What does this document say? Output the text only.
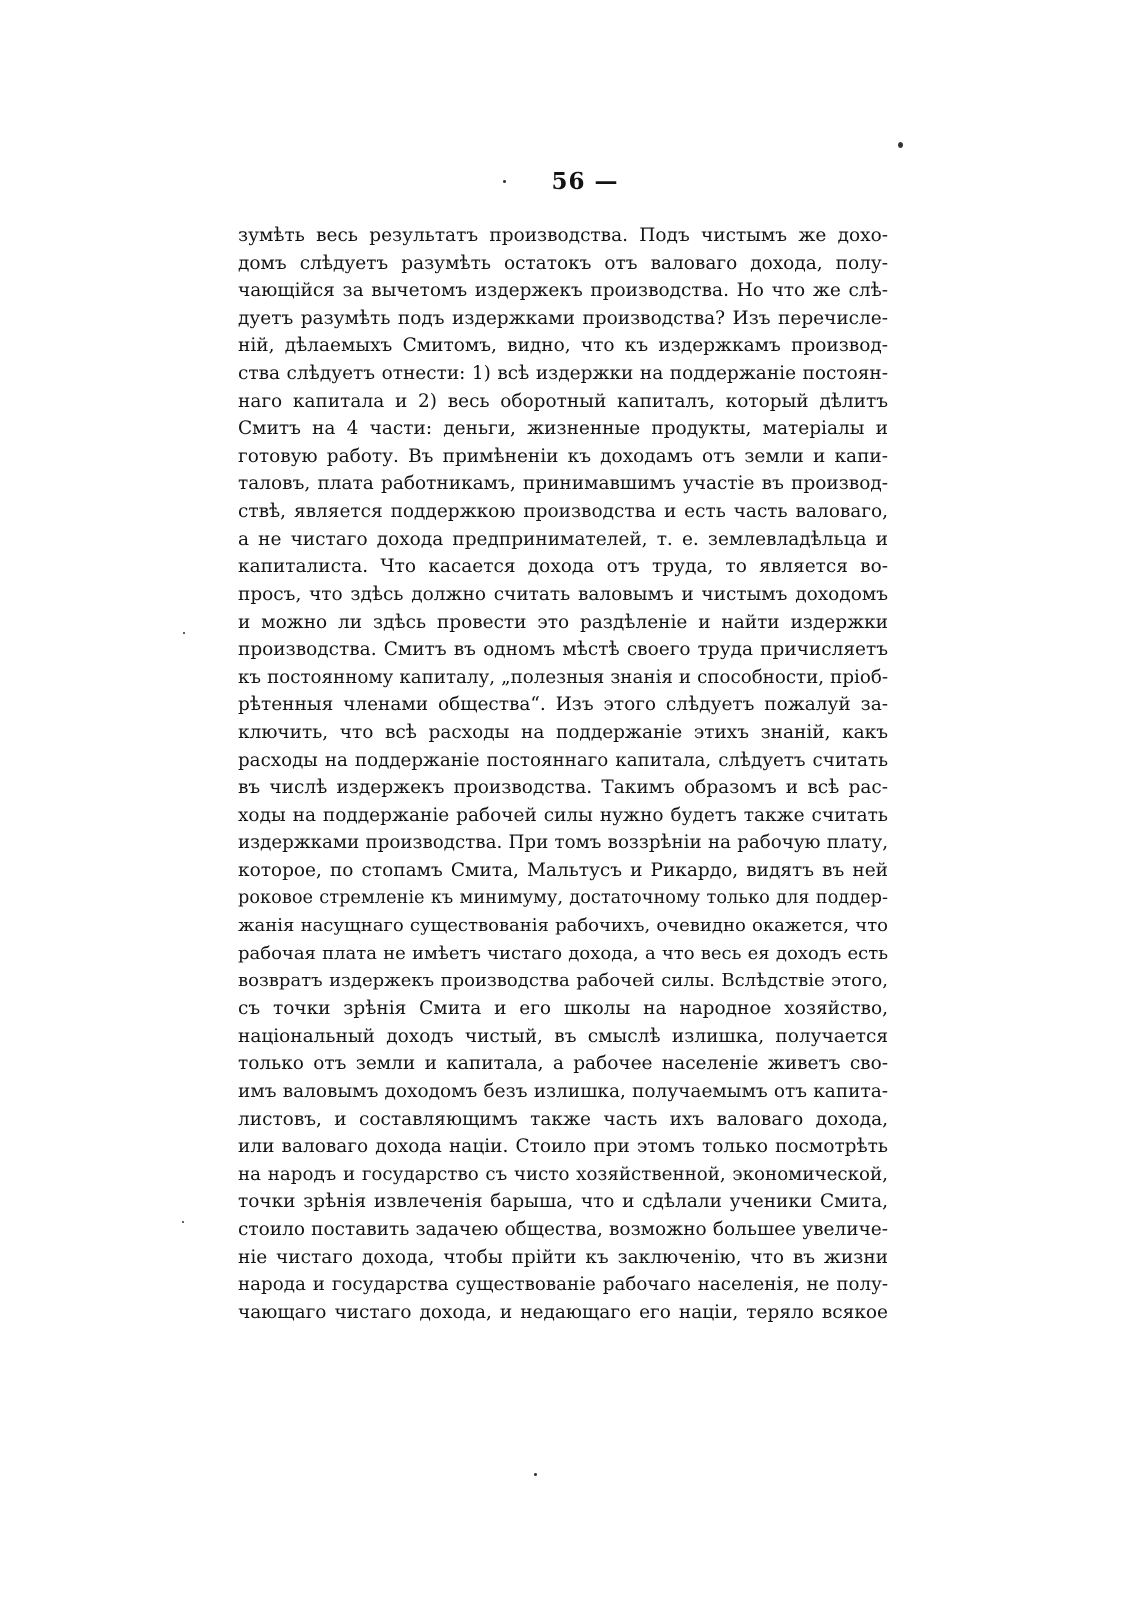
56 —
зумѣть весь результатъ производства. Подъ чистымъ же дохо-
домъ слѣдуетъ разумѣть остатокъ отъ валоваго дохода, полу-
чающійся за вычетомъ издержекъ производства. Но что же слѣ-
дуетъ разумѣть подъ издержками производства? Изъ перечисле-
ній, дѣлаемыхъ Смитомъ, видно, что къ издержкамъ производ-
ства слѣдуетъ отнести: 1) всѣ издержки на поддержаніе постоян-
наго капитала и 2) весь оборотный капиталъ, который дѣлитъ
Смитъ на 4 части: деньги, жизненные продукты, матеріалы и
готовую работу. Въ примѣненіи къ доходамъ отъ земли и капи-
таловъ, плата работникамъ, принимавшимъ участіе въ производ-
ствѣ, является поддержкою производства и есть часть валоваго,
а не чистаго дохода предпринимателей, т. е. землевладѣльца и
капиталиста. Что касается дохода отъ труда, то является во-
просъ, что здѣсь должно считать валовымъ и чистымъ доходомъ
и можно ли здѣсь провести это раздѣленіе и найти издержки
производства. Смитъ въ одномъ мѣстѣ своего труда причисляетъ
къ постоянному капиталу, „полезныя знанія и способности, пріоб-
рѣтенныя членами общества“. Изъ этого слѣдуетъ пожалуй за-
ключить, что всѣ расходы на поддержаніе этихъ знаній, какъ
расходы на поддержаніе постояннаго капитала, слѣдуетъ считать
въ числѣ издержекъ производства. Такимъ образомъ и всѣ рас-
ходы на поддержаніе рабочей силы нужно будетъ также считать
издержками производства. При томъ воззрѣніи на рабочую плату,
которое, по стопамъ Смита, Мальтусъ и Рикардо, видятъ въ ней
роковое стремленіе къ минимуму, достаточному только для поддер-
жанія насущнаго существованія рабочихъ, очевидно окажется, что
рабочая плата не имѣетъ чистаго дохода, а что весь ея доходъ есть
возвратъ издержекъ производства рабочей силы. Вслѣдствіе этого,
съ точки зрѣнія Смита и его школы на народное хозяйство,
національный доходъ чистый, въ смыслѣ излишка, получается
только отъ земли и капитала, а рабочее населеніе живетъ сво-
имъ валовымъ доходомъ безъ излишка, получаемымъ отъ капита-
листовъ, и составляющимъ также часть ихъ валоваго дохода,
или валоваго дохода націи. Стоило при этомъ только посмотрѣть
на народъ и государство съ чисто хозяйственной, экономической,
точки зрѣнія извлеченія барыша, что и сдѣлали ученики Смита,
стоило поставить задачею общества, возможно большее увеличе-
ніе чистаго дохода, чтобы прійти къ заключенію, что въ жизни
народа и государства существованіе рабочаго населенія, не полу-
чающаго чистаго дохода, и недающаго его націи, теряло всякое
